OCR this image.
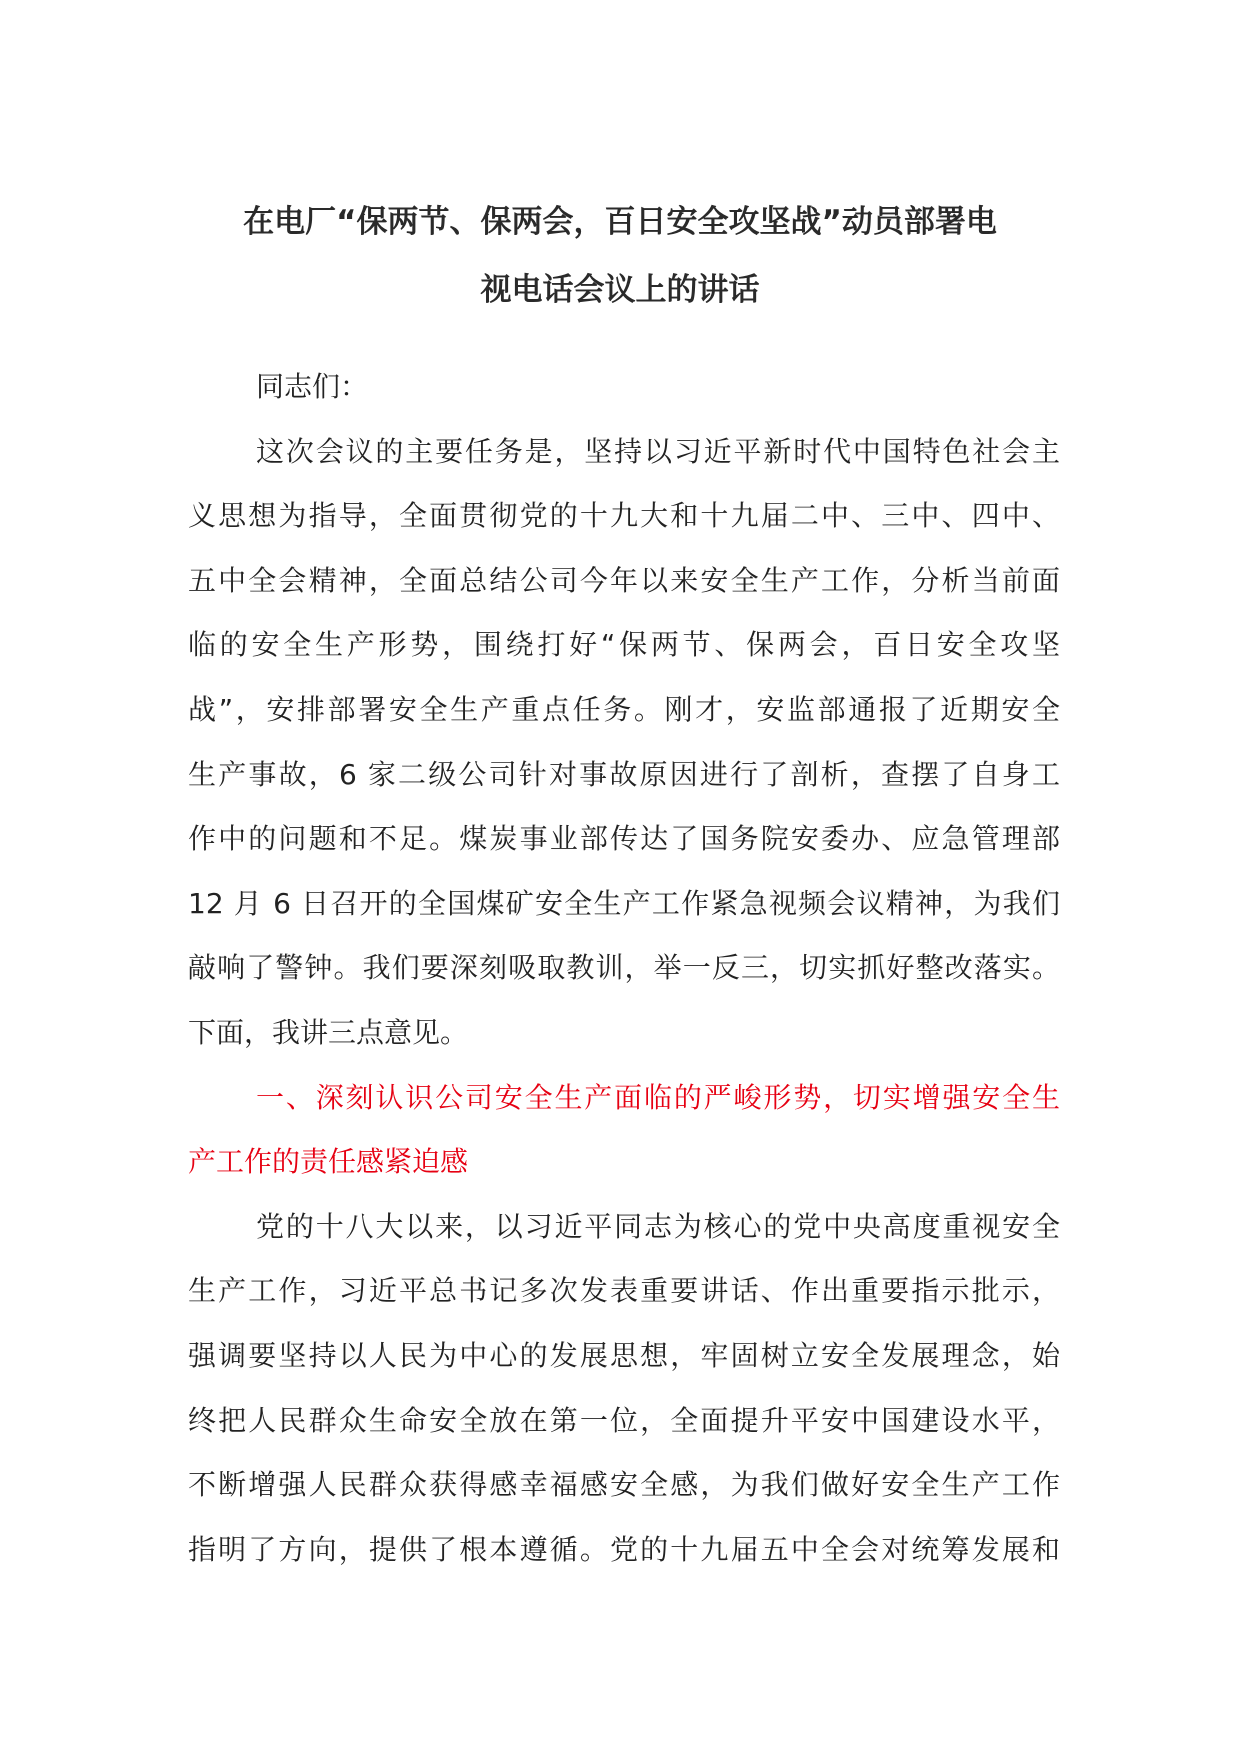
在电厂“保两节、保两会，百日安全攻坚战”动员部署电
视电话会议上的讲话
同志们：
这次会议的主要任务是，坚持以习近平新时代中国特色社会主
义思想为指导，全面贯彻党的十九大和十九届二中、三中、四中、
五中全会精神，全面总结公司今年以来安全生产工作，分析当前面
临的安全生产形势，围绕打好“保两节、保两会，百日安全攻坚
战”，安排部署安全生产重点任务。刚才，安监部通报了近期安全
生产事故，6 家二级公司针对事故原因进行了剖析，查摆了自身工
作中的问题和不足。煤炭事业部传达了国务院安委办、应急管理部
12 月 6 日召开的全国煤矿安全生产工作紧急视频会议精神，为我们
敲响了警钟。我们要深刻吸取教训，举一反三，切实抓好整改落实。
下面，我讲三点意见。
一、深刻认识公司安全生产面临的严峻形势，切实增强安全生
产工作的责任感紧迫感
党的十八大以来，以习近平同志为核心的党中央高度重视安全
生产工作，习近平总书记多次发表重要讲话、作出重要指示批示，
强调要坚持以人民为中心的发展思想，牢固树立安全发展理念，始
终把人民群众生命安全放在第一位，全面提升平安中国建设水平，
不断增强人民群众获得感幸福感安全感，为我们做好安全生产工作
指明了方向，提供了根本遵循。党的十九届五中全会对统筹发展和
